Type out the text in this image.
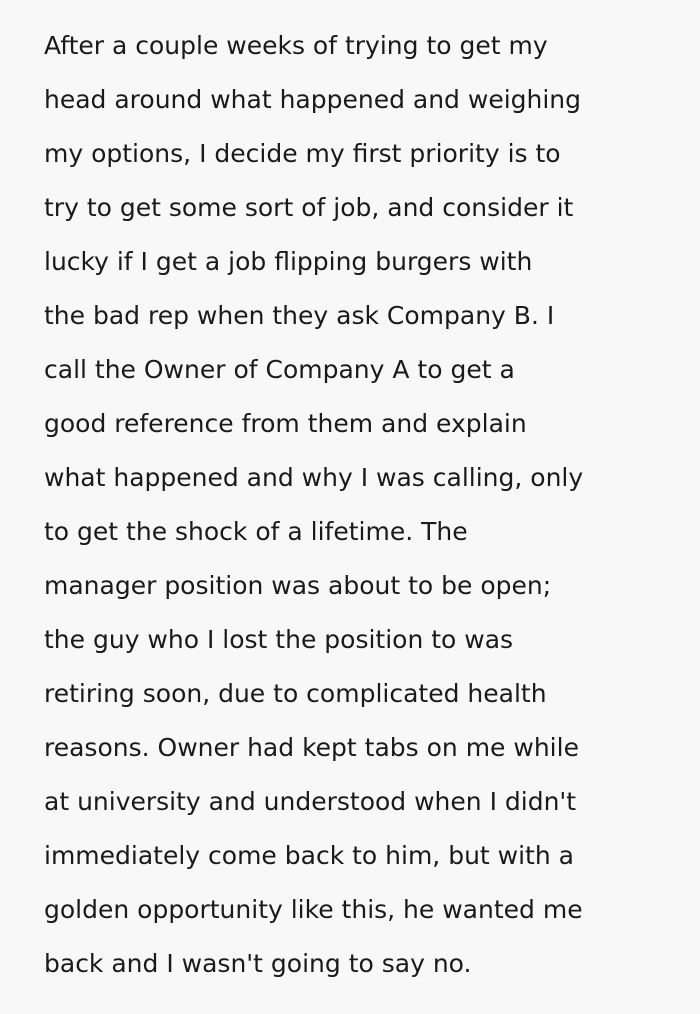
After a couple weeks of trying to get my
head around what happened and weighing
my options, I decide my first priority is to
try to get some sort of job, and consider it
lucky if I get a job flipping burgers with
the bad rep when they ask Company B. I
call the Owner of Company A to get a
good reference from them and explain
what happened and why I was calling, only
to get the shock of a lifetime. The
manager position was about to be open;
the guy who I lost the position to was
retiring soon, due to complicated health
reasons. Owner had kept tabs on me while
at university and understood when I didn't
immediately come back to him, but with a
golden opportunity like this, he wanted me
back and I wasn't going to say no.
